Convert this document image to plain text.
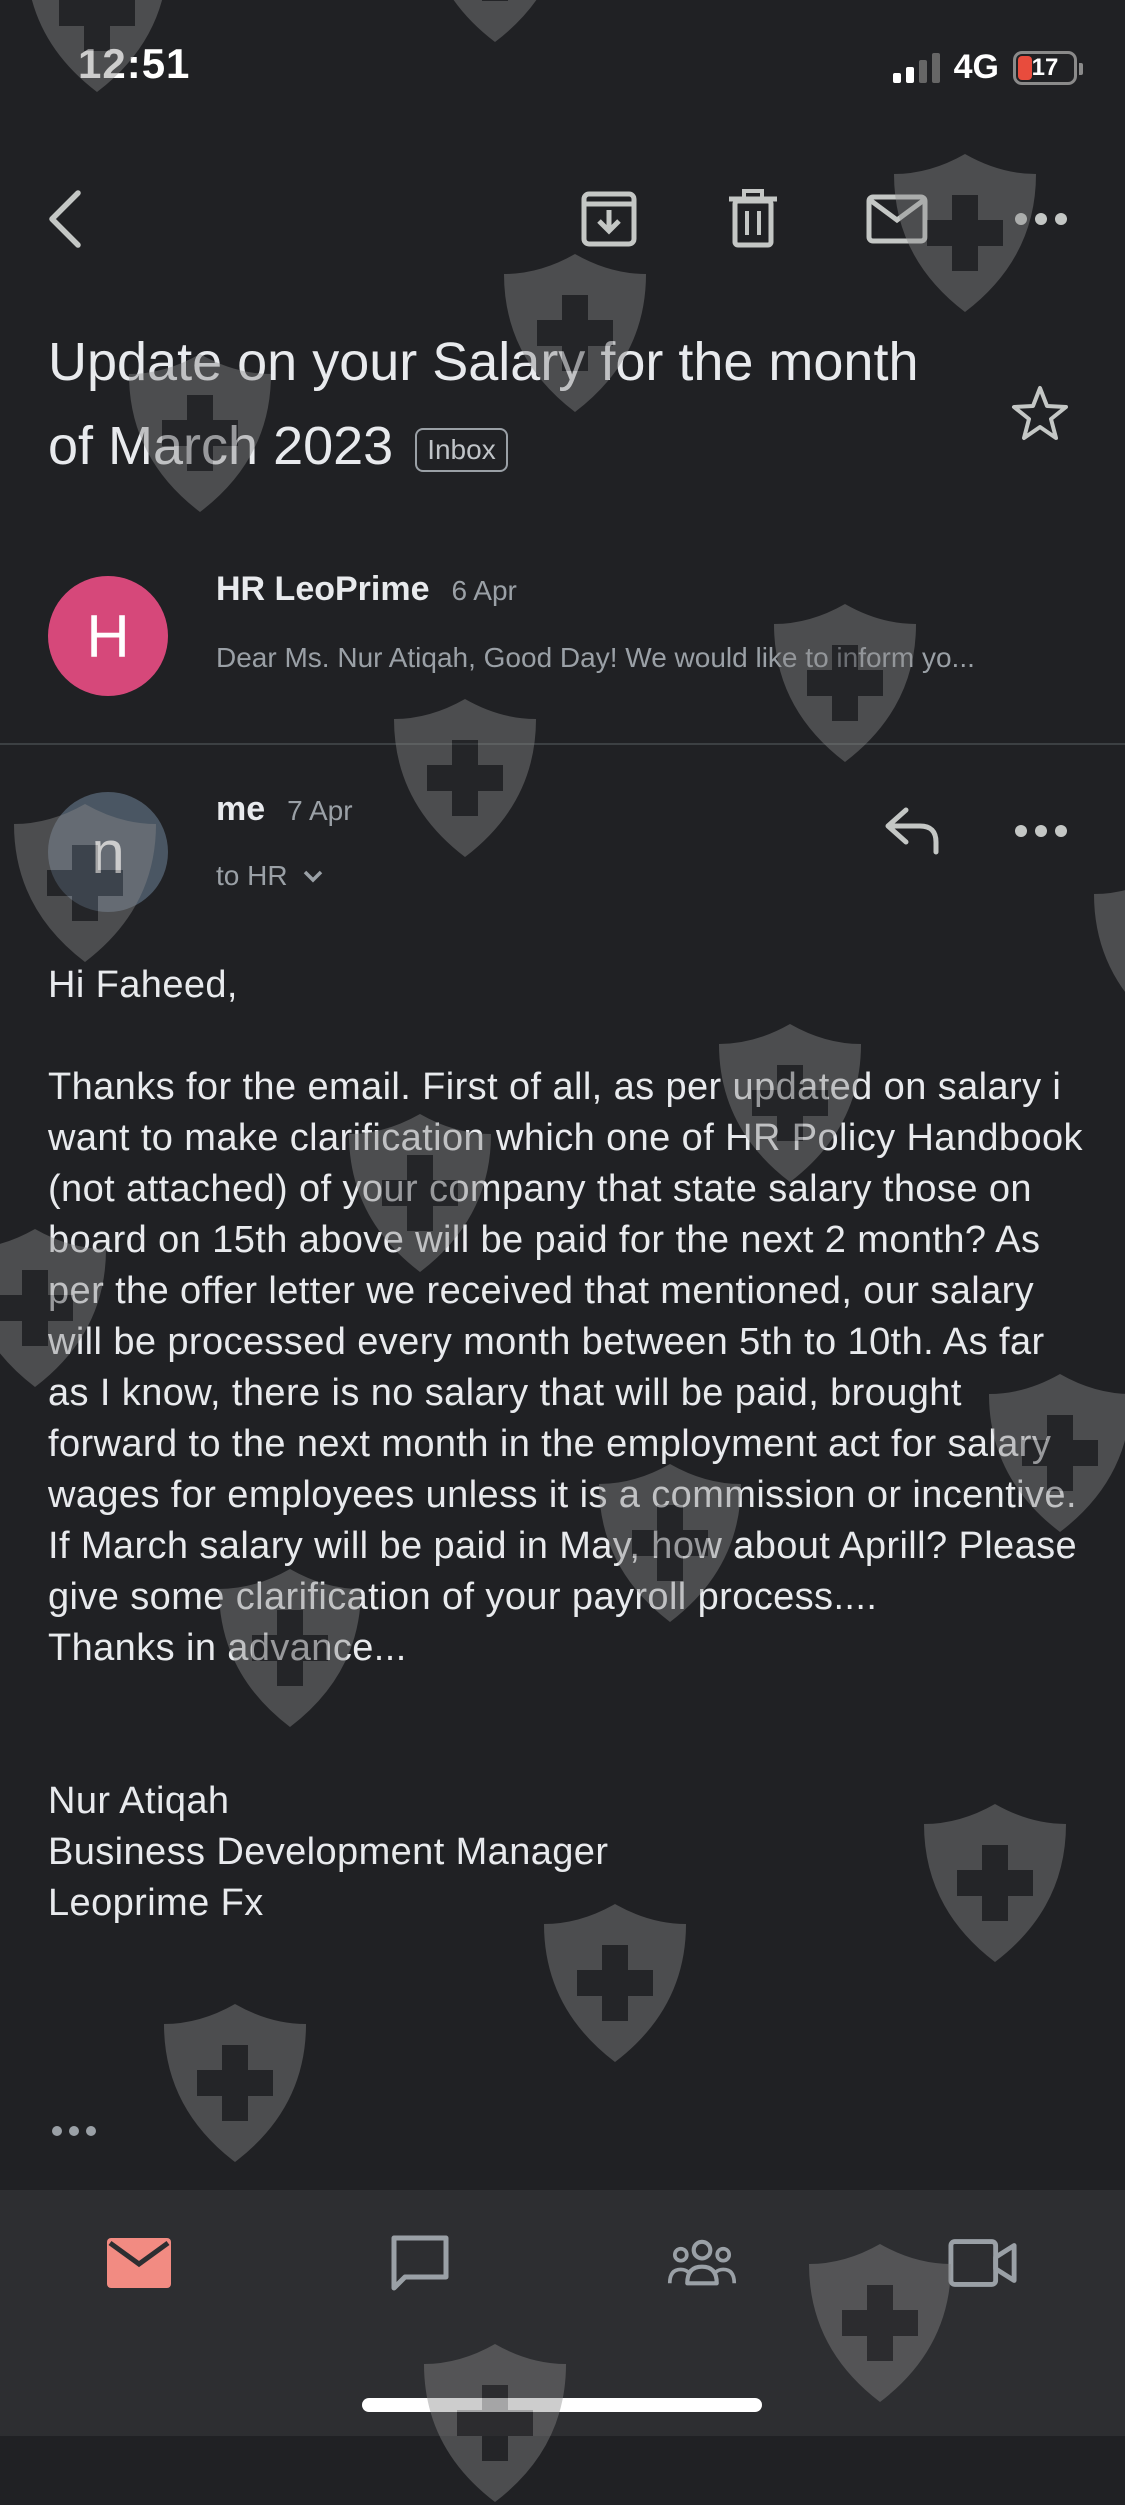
12:51	4G 17
Update on your Salary for the month of March 2023 Inbox
H
HR LeoPrime 6 Apr
Dear Ms. Nur Atiqah, Good Day! We would like to inform yo...
n
me 7 Apr
to HR

Hi Faheed,

Thanks for the email. First of all, as per updated on salary i want to make clarification which one of HR Policy Handbook (not attached) of your company that state salary those on board on 15th above will be paid for the next 2 month? As per the offer letter we received that mentioned, our salary will be processed every month between 5th to 10th. As far as I know, there is no salary that will be paid, brought forward to the next month in the employment act for salary wages for employees unless it is a commission or incentive. If March salary will be paid in May, how about Aprill? Please give some clarification of your payroll process....

Thanks in advance...

Nur Atiqah

Business Development Manager

Leoprime Fx
